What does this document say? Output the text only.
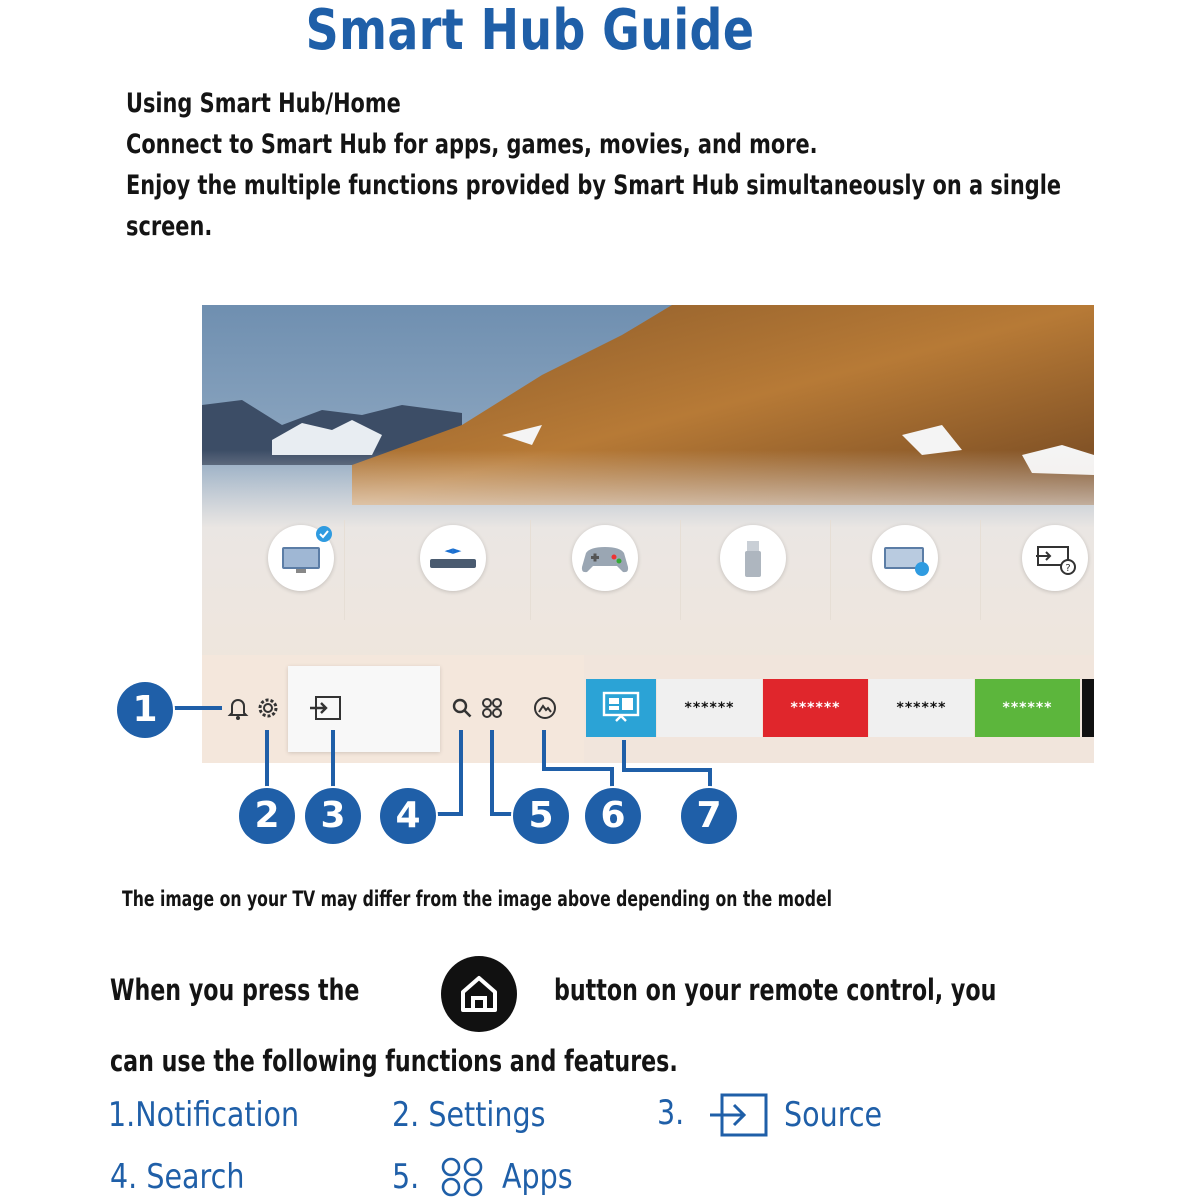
Smart Hub Guide
Using Smart Hub/Home
Connect to Smart Hub for apps, games, movies, and more.
Enjoy the multiple functions provided by Smart Hub simultaneously on a single
screen.
◄►
?
******	******	******	******
1
2	3	4	5	6	7
The image on your TV may differ from the image above depending on the model
When you press the	button on your remote control, you
can use the following functions and features.
1.Notification	2. Settings	3.	Source
4. Search	5. Apps
